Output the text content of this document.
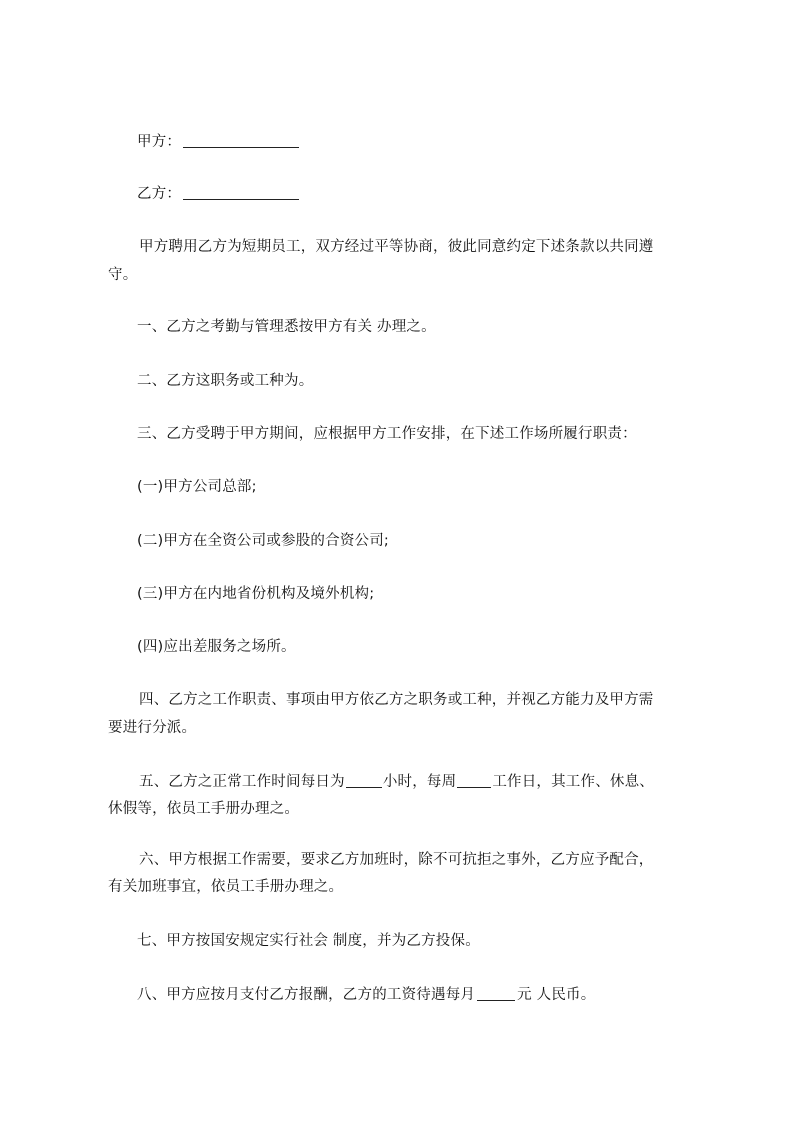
甲方：
乙方：
甲方聘用乙方为短期员工，双方经过平等协商，彼此同意约定下述条款以共同遵
守。
一、乙方之考勤与管理悉按甲方有关 办理之。
二、乙方这职务或工种为。
三、乙方受聘于甲方期间，应根据甲方工作安排，在下述工作场所履行职责：
(一)甲方公司总部;
(二)甲方在全资公司或参股的合资公司;
(三)甲方在内地省份机构及境外机构;
(四)应出差服务之场所。
四、乙方之工作职责、事项由甲方依乙方之职务或工种，并视乙方能力及甲方需
要进行分派。
五、乙方之正常工作时间每日为	小时，每周 工作日，其工作、休息、
休假等，依员工手册办理之。
六、甲方根据工作需要，要求乙方加班时，除不可抗拒之事外，乙方应予配合，
有关加班事宜，依员工手册办理之。
七、甲方按国安规定实行社会 制度，并为乙方投保。
八、甲方应按月支付乙方报酬，乙方的工资待遇每月	元 人民币。
